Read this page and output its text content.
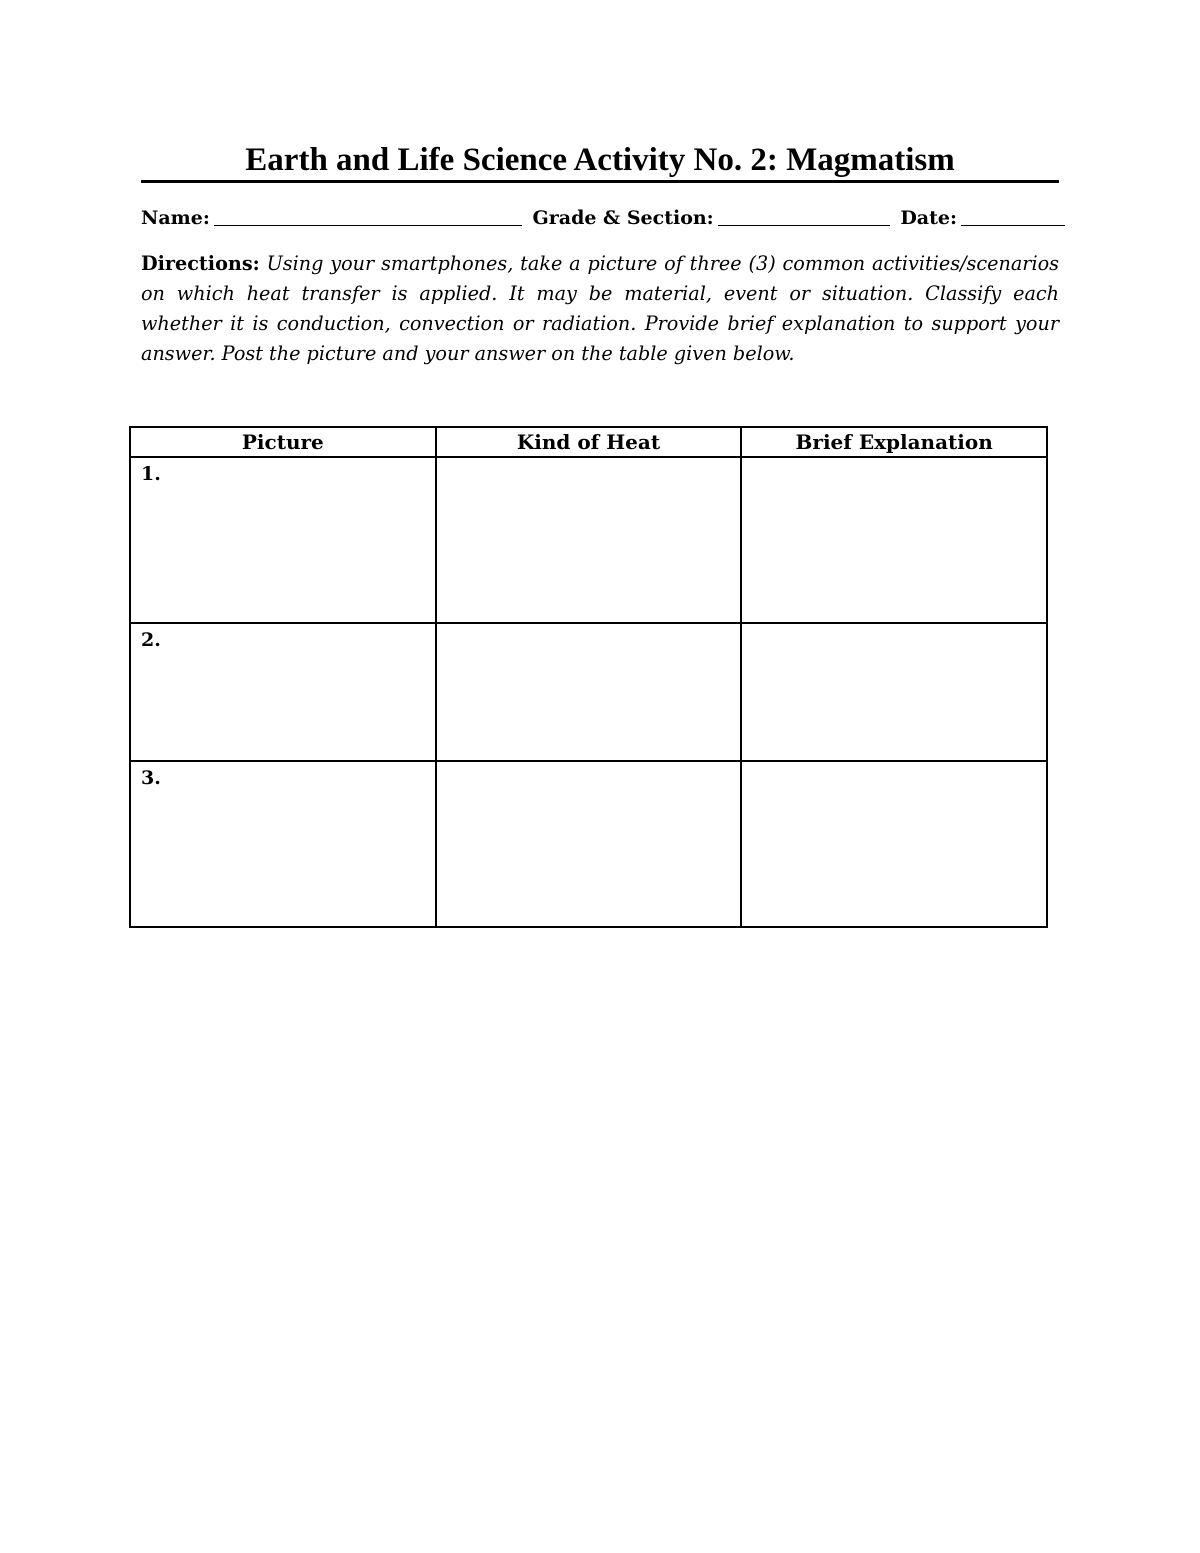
Earth and Life Science Activity No. 2: Magmatism
Name:	Grade & Section:	Date:
Directions: Using your smartphones, take a picture of three (3) common activities/scenarios on which heat transfer is applied. It may be material, event or situation. Classify each whether it is conduction, convection or radiation. Provide brief explanation to support your answer. Post the picture and your answer on the table given below.
Picture	Kind of Heat	Brief Explanation

1.		

2.		

3.		
